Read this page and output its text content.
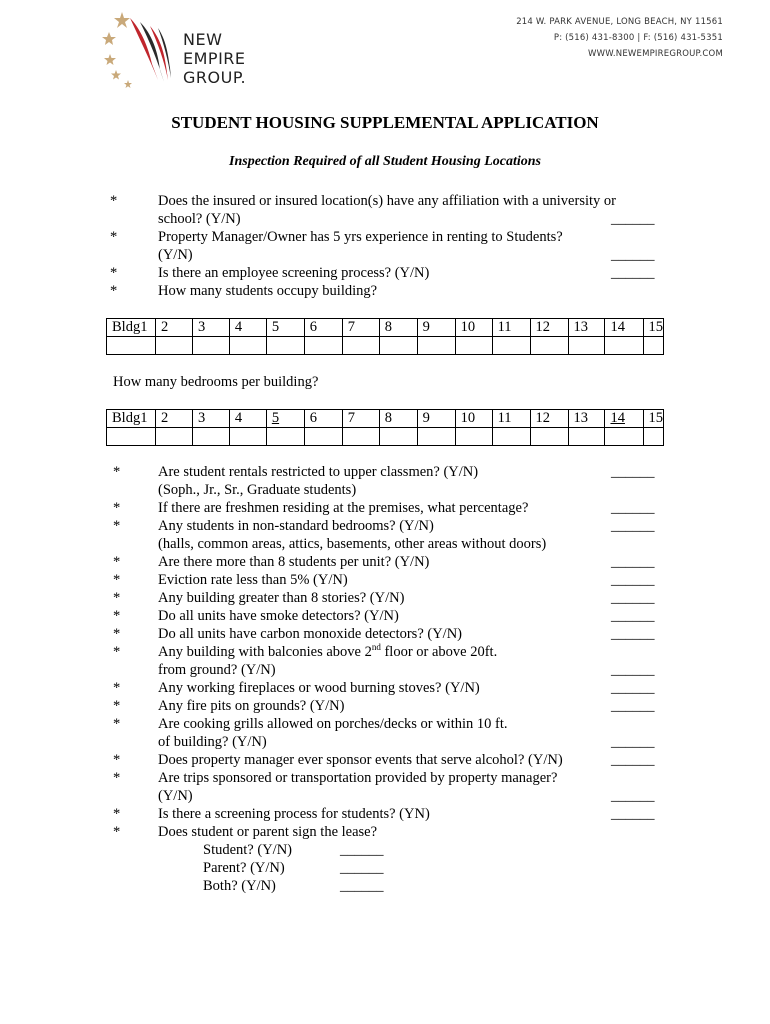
NEW
EMPIRE
GROUP.
214 W. PARK AVENUE, LONG BEACH, NY 11561
P: (516) 431-8300 | F: (516) 431-5351
WWW.NEWEMPIREGROUP.COM
STUDENT HOUSING SUPPLEMENTAL APPLICATION
Inspection Required of all Student Housing Locations
*	Does the insured or insured location(s) have any affiliation with a university or
school? (Y/N)	______
*	Property Manager/Owner has 5 yrs experience in renting to Students?
(Y/N)	______
*	Is there an employee screening process? (Y/N)	______
*	How many students occupy building?
Bldg1	2	3	4	5	6	7	8	9	10	11	12	13	14	15

How many bedrooms per building?
Bldg1	2	3	4	5	6	7	8	9	10	11	12	13	14	15

*	Are student rentals restricted to upper classmen? (Y/N)	______
(Soph., Jr., Sr., Graduate students)
*	If there are freshmen residing at the premises, what percentage?	______
*	Any students in non-standard bedrooms? (Y/N)	______
(halls, common areas, attics, basements, other areas without doors)
*	Are there more than 8 students per unit? (Y/N)	______
*	Eviction rate less than 5% (Y/N)	______
*	Any building greater than 8 stories? (Y/N)	______
*	Do all units have smoke detectors? (Y/N)	______
*	Do all units have carbon monoxide detectors? (Y/N)	______
*	Any building with balconies above 2nd floor or above 20ft.
from ground? (Y/N)	______
*	Any working fireplaces or wood burning stoves? (Y/N)	______
*	Any fire pits on grounds? (Y/N)	______
*	Are cooking grills allowed on porches/decks or within 10 ft.
of building? (Y/N)	______
*	Does property manager ever sponsor events that serve alcohol? (Y/N)	______
*	Are trips sponsored or transportation provided by property manager?
(Y/N)	______
*	Is there a screening process for students? (YN)	______
*	Does student or parent sign the lease?
Student? (Y/N)	______
Parent? (Y/N)	______
Both? (Y/N)	______
